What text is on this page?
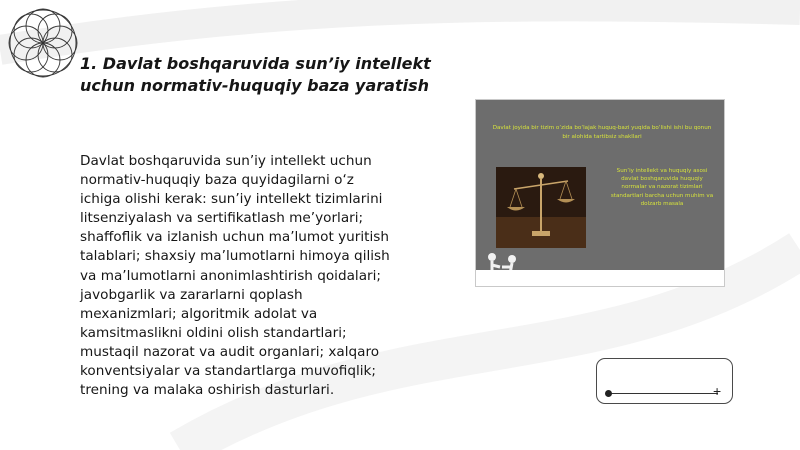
1. Davlat boshqaruvida sun’iy intellekt uchun normativ-huquqiy baza yaratish

Davlat boshqaruvida sun’iy intellekt uchun
normativ-huquqiy baza quyidagilarni o‘z
ichiga olishi kerak: sun’iy intellekt tizimlarini
litsenziyalash va sertifikatlash me’yorlari;
shaffoflik va izlanish uchun ma’lumot yuritish
talablari; shaxsiy ma’lumotlarni himoya qilish
va ma’lumotlarni anonimlashtirish qoidalari;
javobgarlik va zararlarni qoplash
mexanizmlari; algoritmik adolat va
kamsitmaslikni oldini olish standartlari;
mustaqil nazorat va audit organlari; xalqaro
konventsiyalar va standartlarga muvofiqlik;
trening va malaka oshirish dasturlari.

Davlat joyida bir tizim o‘zida bo‘lajak huquq-bazi yuqida bo‘lishi ishi bu qonun bir alohida tartibsiz shakllari
Sun’iy intellekt va huquqiy asosi davlat boshqaruvida huquqiy normalar va nazorat tizimlari standartlari barcha uchun muhim va dolzarb masala
+
